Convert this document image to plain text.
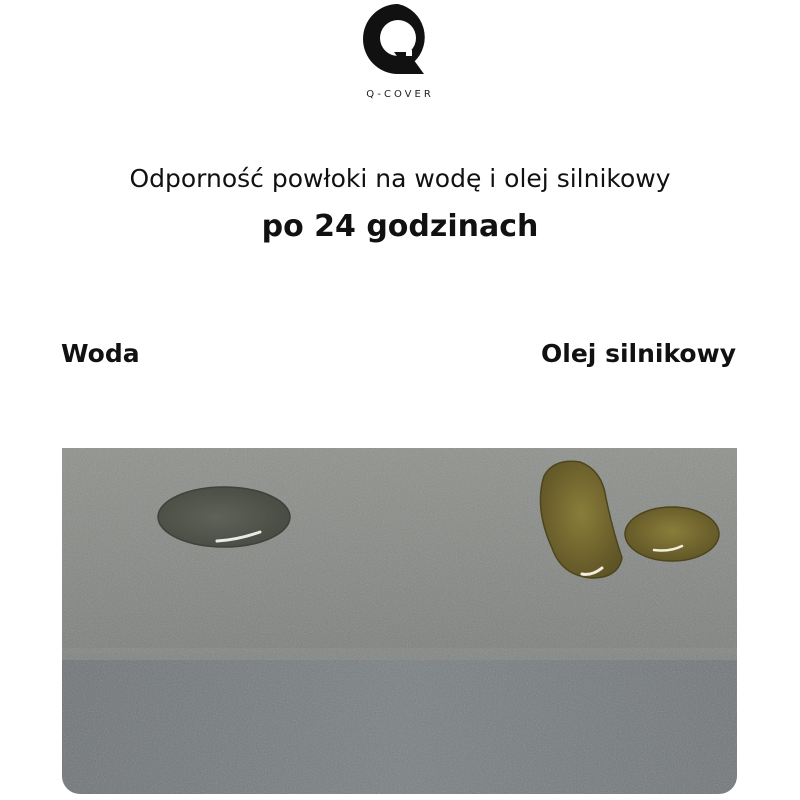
Q-COVER
Odporność powłoki na wodę i olej silnikowy
po 24 godzinach
Woda	Olej silnikowy
